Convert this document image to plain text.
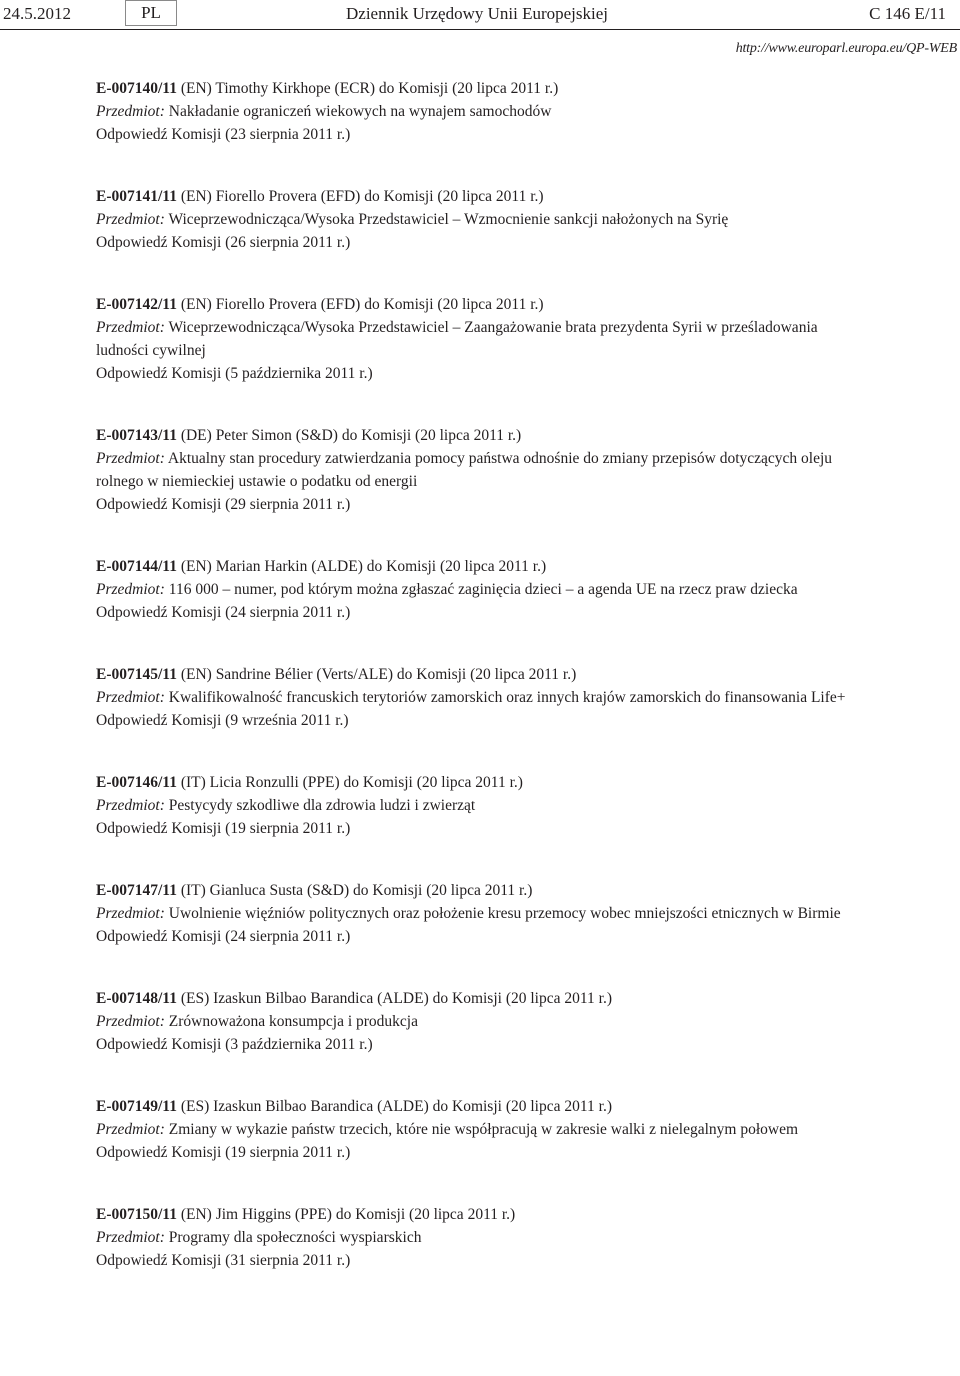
24.5.2012	PL	Dziennik Urzędowy Unii Europejskiej	C 146 E/11
http://www.europarl.europa.eu/QP-WEB
E-007140/11 (EN) Timothy Kirkhope (ECR) do Komisji (20 lipca 2011 r.)
Przedmiot: Nakładanie ograniczeń wiekowych na wynajem samochodów
Odpowiedź Komisji (23 sierpnia 2011 r.)
E-007141/11 (EN) Fiorello Provera (EFD) do Komisji (20 lipca 2011 r.)
Przedmiot: Wiceprzewodnicząca/Wysoka Przedstawiciel – Wzmocnienie sankcji nałożonych na Syrię
Odpowiedź Komisji (26 sierpnia 2011 r.)
E-007142/11 (EN) Fiorello Provera (EFD) do Komisji (20 lipca 2011 r.)
Przedmiot: Wiceprzewodnicząca/Wysoka Przedstawiciel – Zaangażowanie brata prezydenta Syrii w prześladowania ludności cywilnej
Odpowiedź Komisji (5 października 2011 r.)
E-007143/11 (DE) Peter Simon (S&D) do Komisji (20 lipca 2011 r.)
Przedmiot: Aktualny stan procedury zatwierdzania pomocy państwa odnośnie do zmiany przepisów dotyczących oleju rolnego w niemieckiej ustawie o podatku od energii
Odpowiedź Komisji (29 sierpnia 2011 r.)
E-007144/11 (EN) Marian Harkin (ALDE) do Komisji (20 lipca 2011 r.)
Przedmiot: 116 000 – numer, pod którym można zgłaszać zaginięcia dzieci – a agenda UE na rzecz praw dziecka
Odpowiedź Komisji (24 sierpnia 2011 r.)
E-007145/11 (EN) Sandrine Bélier (Verts/ALE) do Komisji (20 lipca 2011 r.)
Przedmiot: Kwalifikowalność francuskich terytoriów zamorskich oraz innych krajów zamorskich do finansowania Life+
Odpowiedź Komisji (9 września 2011 r.)
E-007146/11 (IT) Licia Ronzulli (PPE) do Komisji (20 lipca 2011 r.)
Przedmiot: Pestycydy szkodliwe dla zdrowia ludzi i zwierząt
Odpowiedź Komisji (19 sierpnia 2011 r.)
E-007147/11 (IT) Gianluca Susta (S&D) do Komisji (20 lipca 2011 r.)
Przedmiot: Uwolnienie więźniów politycznych oraz położenie kresu przemocy wobec mniejszości etnicznych w Birmie
Odpowiedź Komisji (24 sierpnia 2011 r.)
E-007148/11 (ES) Izaskun Bilbao Barandica (ALDE) do Komisji (20 lipca 2011 r.)
Przedmiot: Zrównoważona konsumpcja i produkcja
Odpowiedź Komisji (3 października 2011 r.)
E-007149/11 (ES) Izaskun Bilbao Barandica (ALDE) do Komisji (20 lipca 2011 r.)
Przedmiot: Zmiany w wykazie państw trzecich, które nie współpracują w zakresie walki z nielegalnym połowem
Odpowiedź Komisji (19 sierpnia 2011 r.)
E-007150/11 (EN) Jim Higgins (PPE) do Komisji (20 lipca 2011 r.)
Przedmiot: Programy dla społeczności wyspiarskich
Odpowiedź Komisji (31 sierpnia 2011 r.)
